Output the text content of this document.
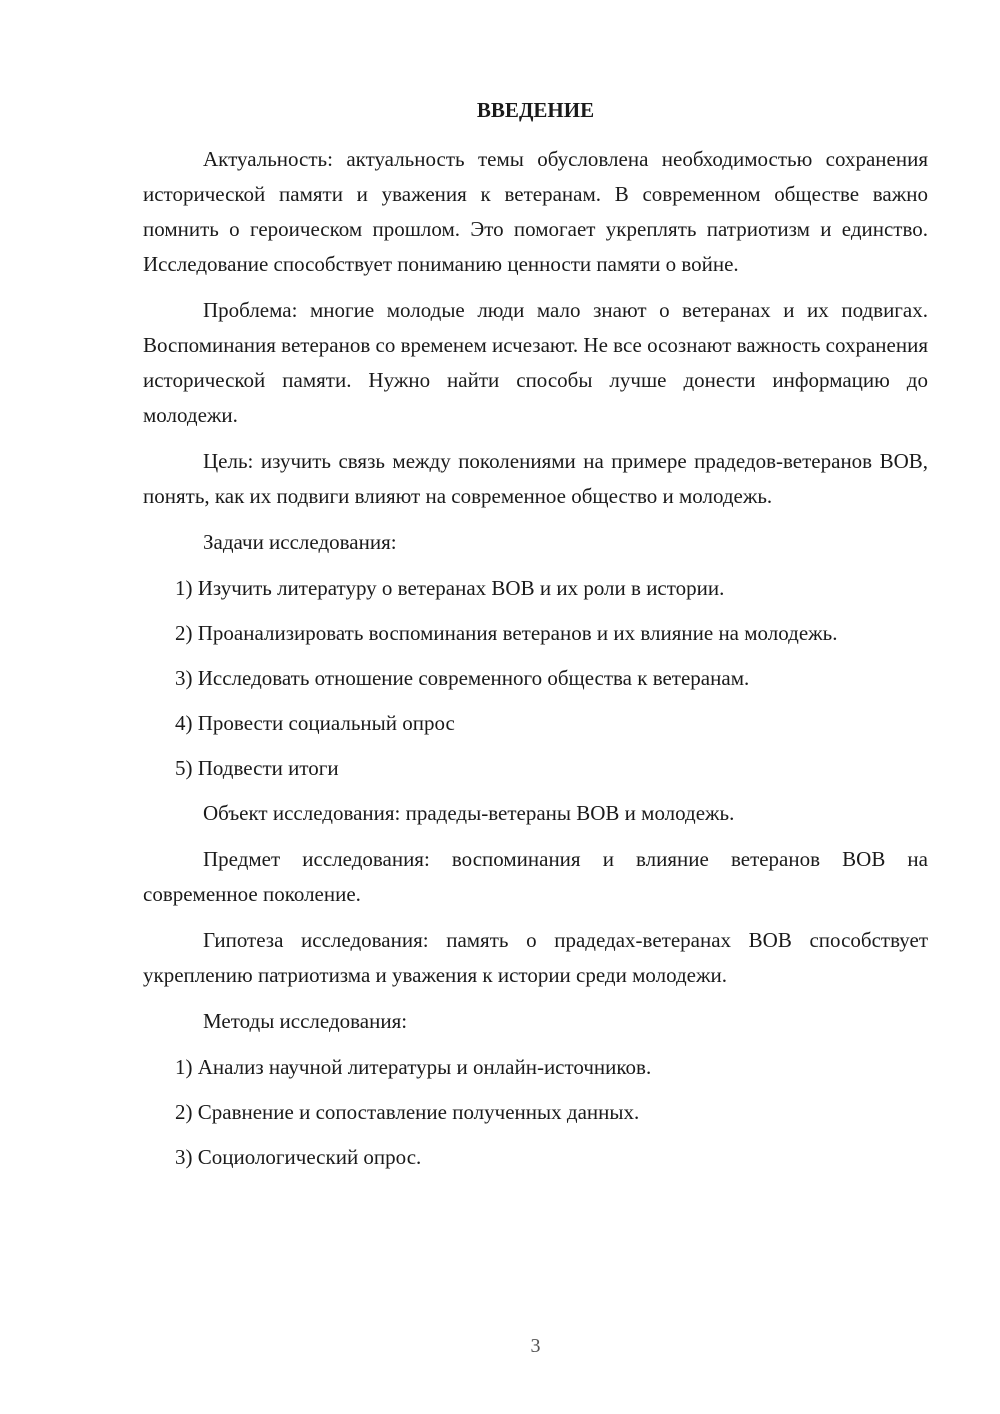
ВВЕДЕНИЕ

Актуальность: актуальность темы обусловлена необходимостью сохранения исторической памяти и уважения к ветеранам. В современном обществе важно помнить о героическом прошлом. Это помогает укреплять патриотизм и единство. Исследование способствует пониманию ценности памяти о войне.

Проблема: многие молодые люди мало знают о ветеранах и их подвигах. Воспоминания ветеранов со временем исчезают. Не все осознают важность сохранения исторической памяти. Нужно найти способы лучше донести информацию до молодежи.

Цель: изучить связь между поколениями на примере прадедов-ветеранов ВОВ, понять, как их подвиги влияют на современное общество и молодежь.

Задачи исследования:

1) Изучить литературу о ветеранах ВОВ и их роли в истории.

2) Проанализировать воспоминания ветеранов и их влияние на молодежь.

3) Исследовать отношение современного общества к ветеранам.

4) Провести социальный опрос

5) Подвести итоги

Объект исследования: прадеды-ветераны ВОВ и молодежь.

Предмет исследования: воспоминания и влияние ветеранов ВОВ на современное поколение.

Гипотеза исследования: память о прадедах-ветеранах ВОВ способствует укреплению патриотизма и уважения к истории среди молодежи.

Методы исследования:

1) Анализ научной литературы и онлайн-источников.

2) Сравнение и сопоставление полученных данных.

3) Социологический опрос.

3
